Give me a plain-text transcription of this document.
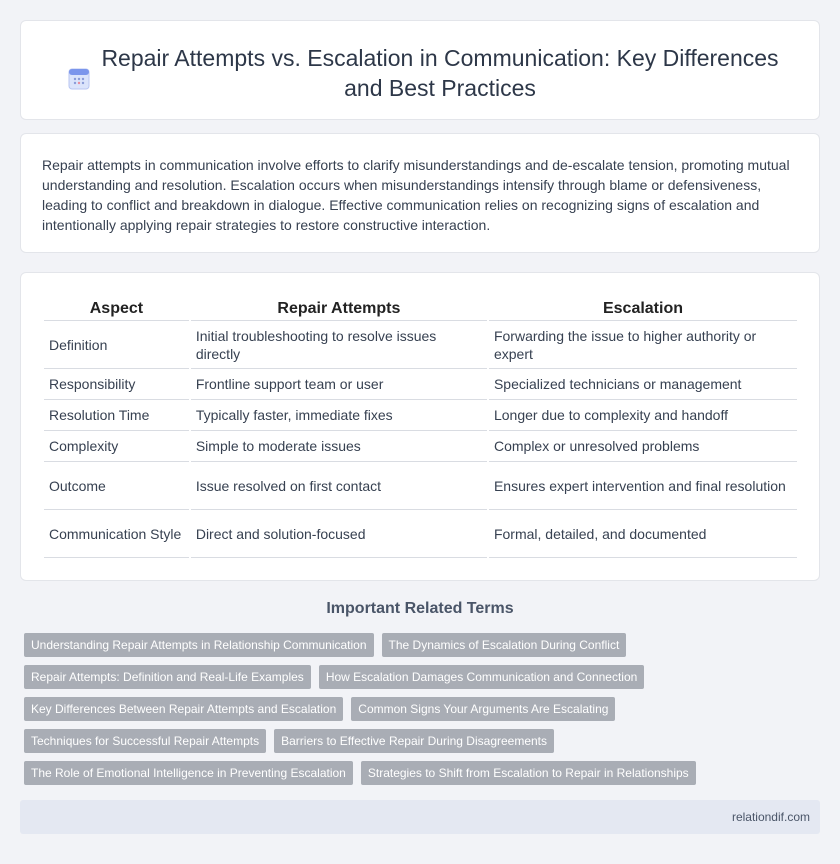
Repair Attempts vs. Escalation in Communication: Key Differences and Best Practices

Repair attempts in communication involve efforts to clarify misunderstandings and de-escalate tension, promoting mutual understanding and resolution. Escalation occurs when misunderstandings intensify through blame or defensiveness, leading to conflict and breakdown in dialogue. Effective communication relies on recognizing signs of escalation and intentionally applying repair strategies to restore constructive interaction.

Aspect	Repair Attempts	Escalation
Definition	Initial troubleshooting to resolve issues directly	Forwarding the issue to higher authority or expert
Responsibility	Frontline support team or user	Specialized technicians or management
Resolution Time	Typically faster, immediate fixes	Longer due to complexity and handoff
Complexity	Simple to moderate issues	Complex or unresolved problems
Outcome	Issue resolved on first contact	Ensures expert intervention and final resolution
Communication Style	Direct and solution-focused	Formal, detailed, and documented
Important Related Terms
Understanding Repair Attempts in Relationship Communication	The Dynamics of Escalation During Conflict
Repair Attempts: Definition and Real-Life Examples	How Escalation Damages Communication and Connection
Key Differences Between Repair Attempts and Escalation	Common Signs Your Arguments Are Escalating
Techniques for Successful Repair Attempts	Barriers to Effective Repair During Disagreements
The Role of Emotional Intelligence in Preventing Escalation	Strategies to Shift from Escalation to Repair in Relationships
relationdif.com
